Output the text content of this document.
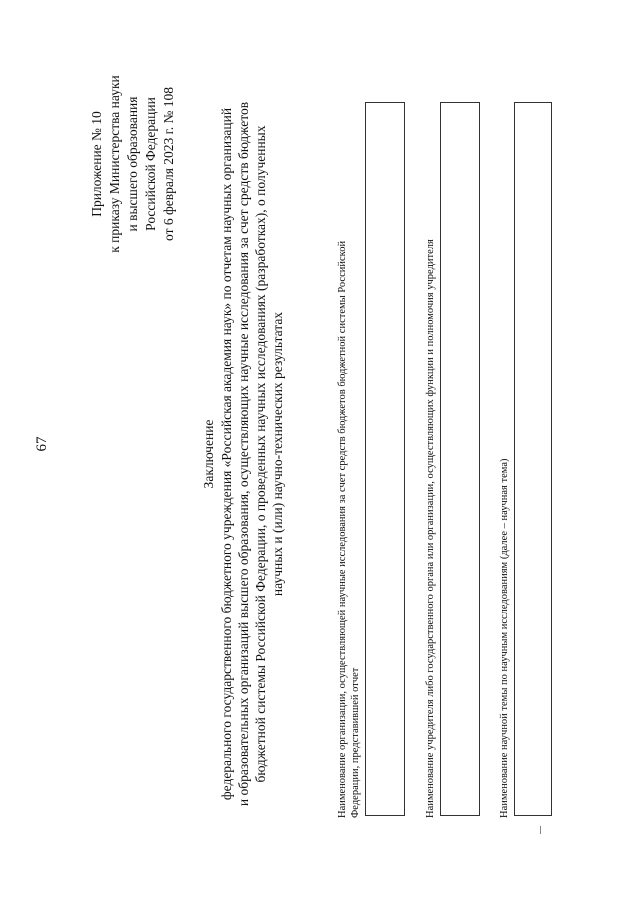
67
Приложение № 10 к приказу Министерства науки и высшего образования Российской Федерации от 6 февраля 2023 г. № 108
Заключение федерального государственного бюджетного учреждения «Российская академия наук» по отчетам научных организаций и образовательных организаций высшего образования, осуществляющих научные исследования за счет средств бюджетов бюджетной системы Российской Федерации, о проведенных научных исследованиях (разработках), о полученных научных и (или) научно-технических результатах	Наименование организации, осуществляющей научные исследования за счет средств бюджетов бюджетной системы Российской Федерации, представившей отчет	Наименование учредителя либо государственного органа или организации, осуществляющих функции и полномочия учредителя	Наименование научной темы по научным исследованиям (далее – научная тема)
